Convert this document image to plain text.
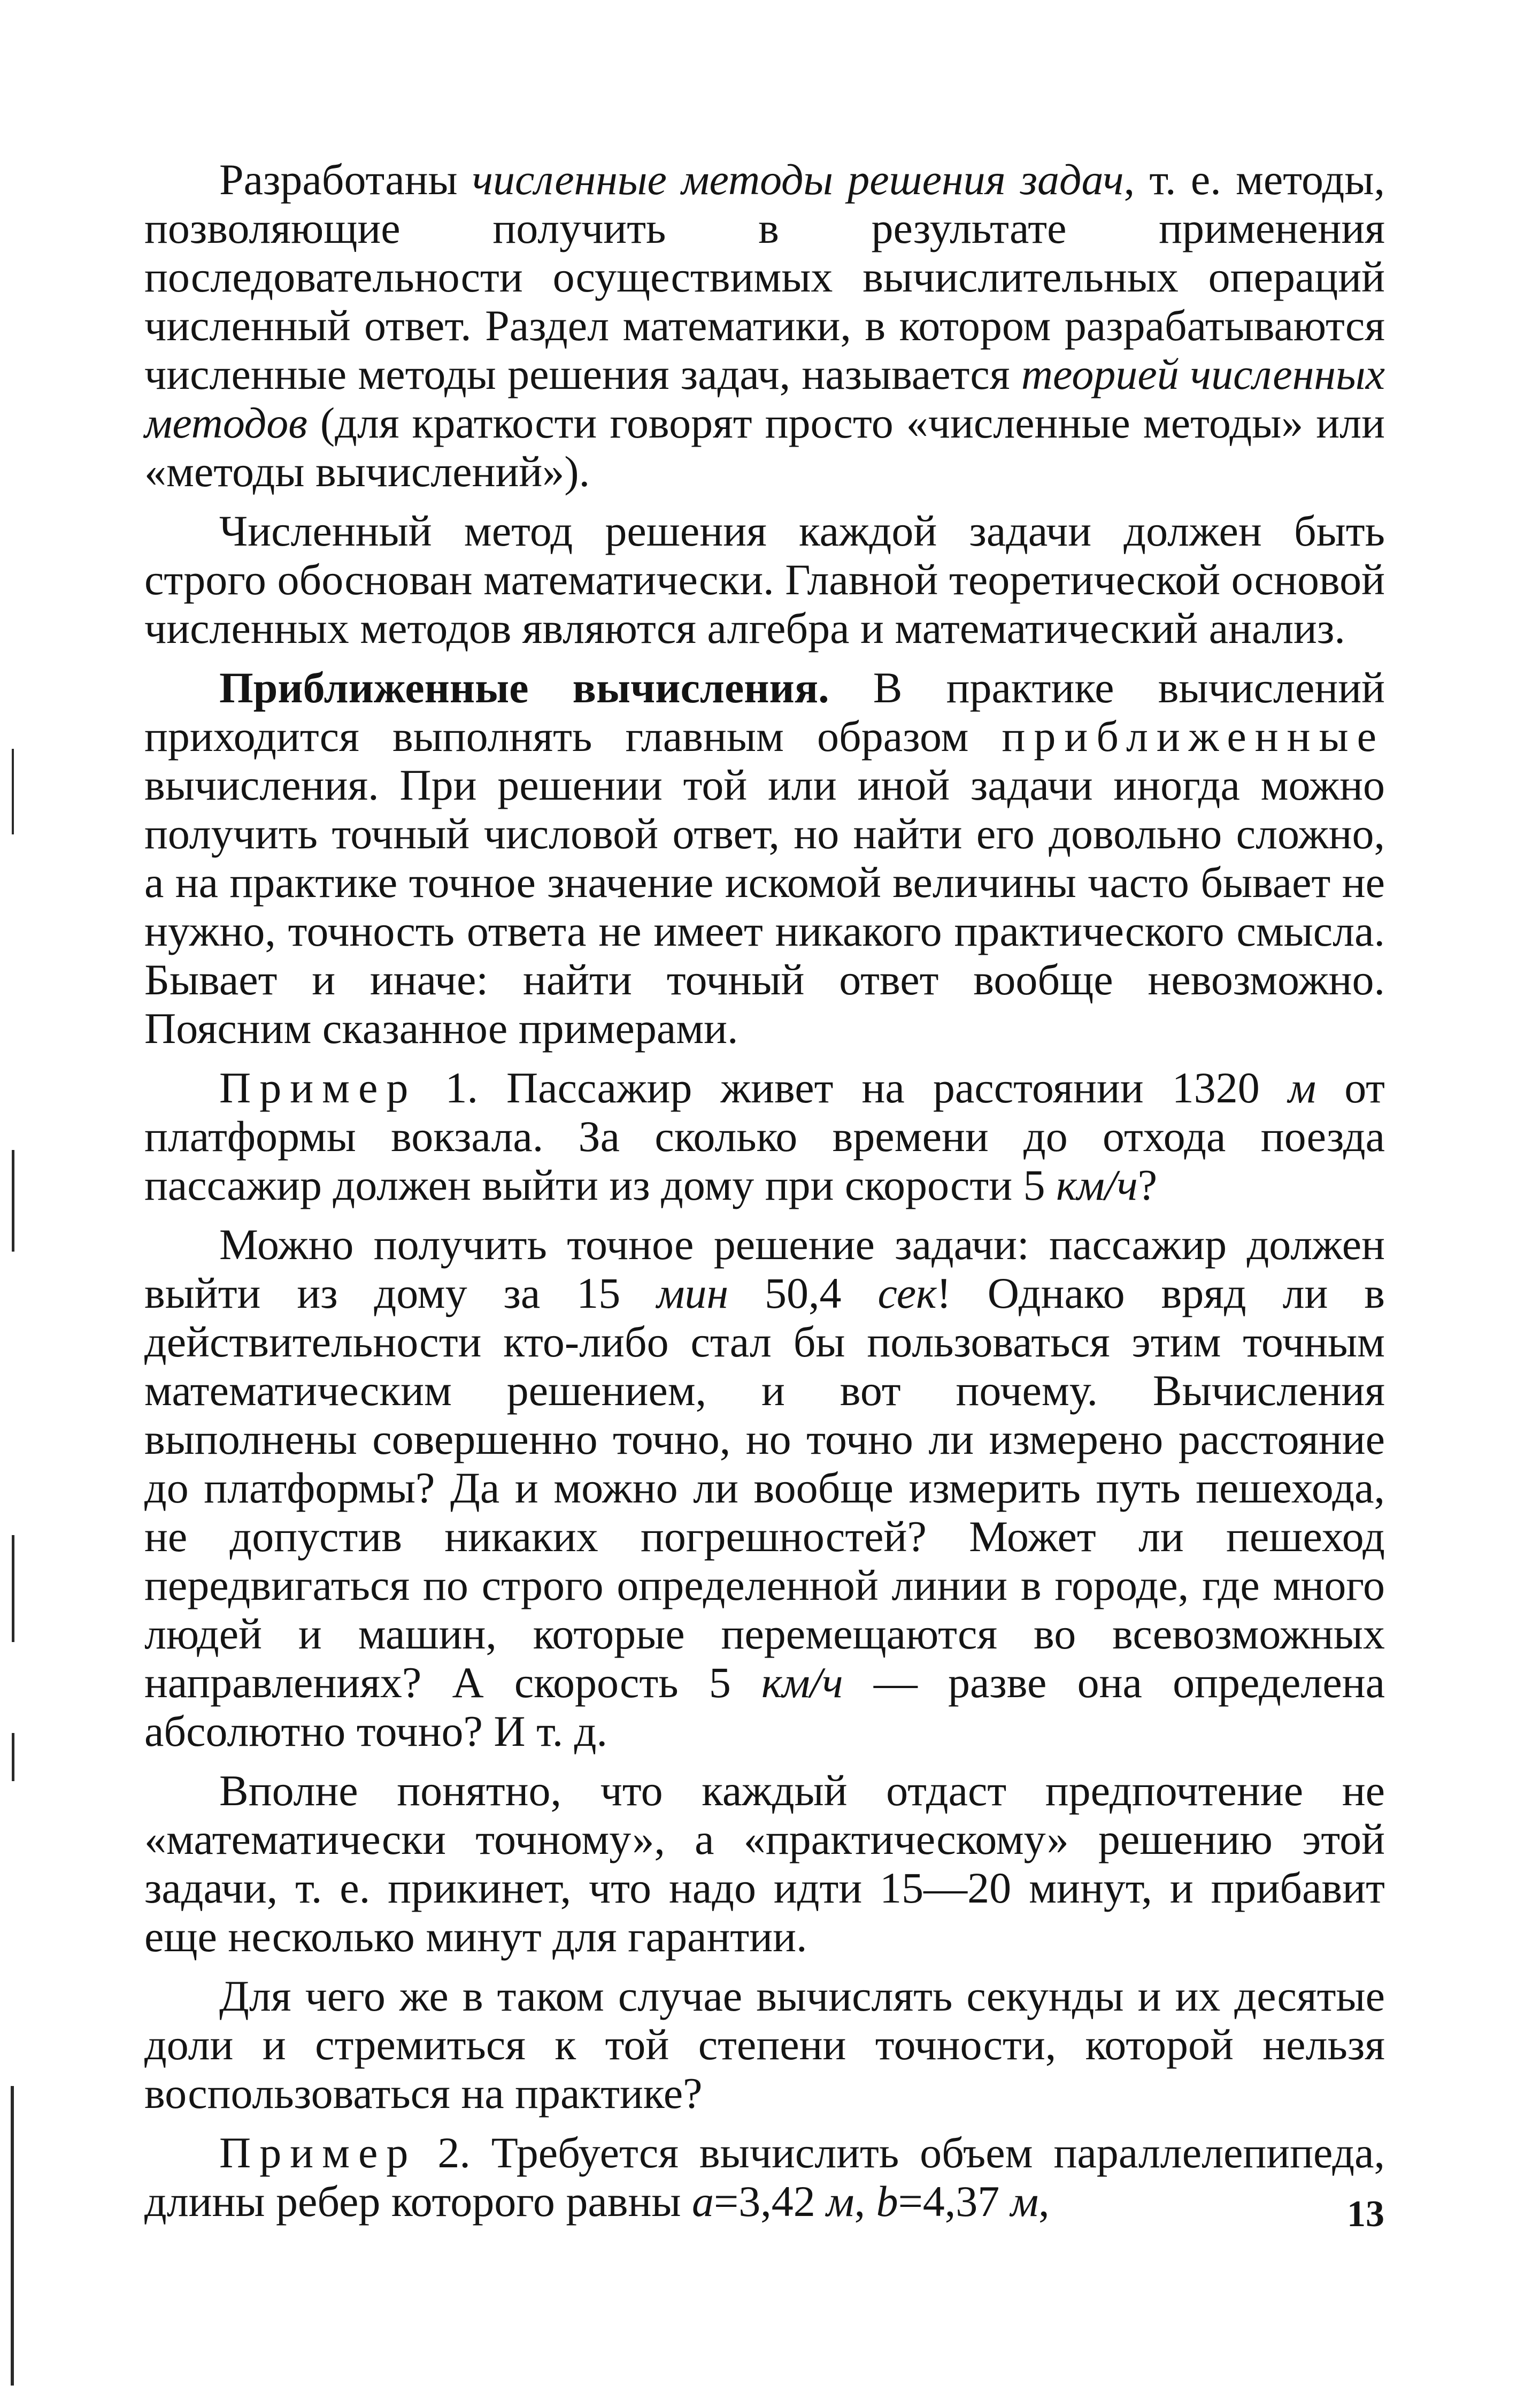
Разработаны численные методы решения задач, т. е. методы, позволяющие получить в результате применения последовательности осуществимых вычислительных операций численный ответ. Раздел математики, в котором разрабатываются численные методы решения задач, называется теорией численных методов (для краткости говорят просто «численные методы» или «методы вычислений»).

Численный метод решения каждой задачи должен быть строго обоснован математически. Главной теоретической основой численных методов являются алгебра и математический анализ.

Приближенные вычисления. В практике вычислений приходится выполнять главным образом приближенные вычисления. При решении той или иной задачи иногда можно получить точный числовой ответ, но найти его довольно сложно, а на практике точное значение искомой величины часто бывает не нужно, точность ответа не имеет никакого практического смысла. Бывает и иначе: найти точный ответ вообще невозможно. Поясним сказанное примерами.

Пример 1. Пассажир живет на расстоянии 1320 м от платформы вокзала. За сколько времени до отхода поезда пассажир должен выйти из дому при скорости 5 км/ч?

Можно получить точное решение задачи: пассажир должен выйти из дому за 15 мин 50,4 сек! Однако вряд ли в действительности кто-либо стал бы пользоваться этим точным математическим решением, и вот почему. Вычисления выполнены совершенно точно, но точно ли измерено расстояние до платформы? Да и можно ли вообще измерить путь пешехода, не допустив никаких погрешностей? Может ли пешеход передвигаться по строго определенной линии в городе, где много людей и машин, которые перемещаются во всевозможных направлениях? А скорость 5 км/ч — разве она определена абсолютно точно? И т. д.

Вполне понятно, что каждый отдаст предпочтение не «математически точному», а «практическому» решению этой задачи, т. е. прикинет, что надо идти 15—20 минут, и прибавит еще несколько минут для гарантии.

Для чего же в таком случае вычислять секунды и их десятые доли и стремиться к той степени точности, которой нельзя воспользоваться на практике?

Пример 2. Требуется вычислить объем параллелепипеда, длины ребер которого равны a=3,42 м, b=4,37 м,	13
